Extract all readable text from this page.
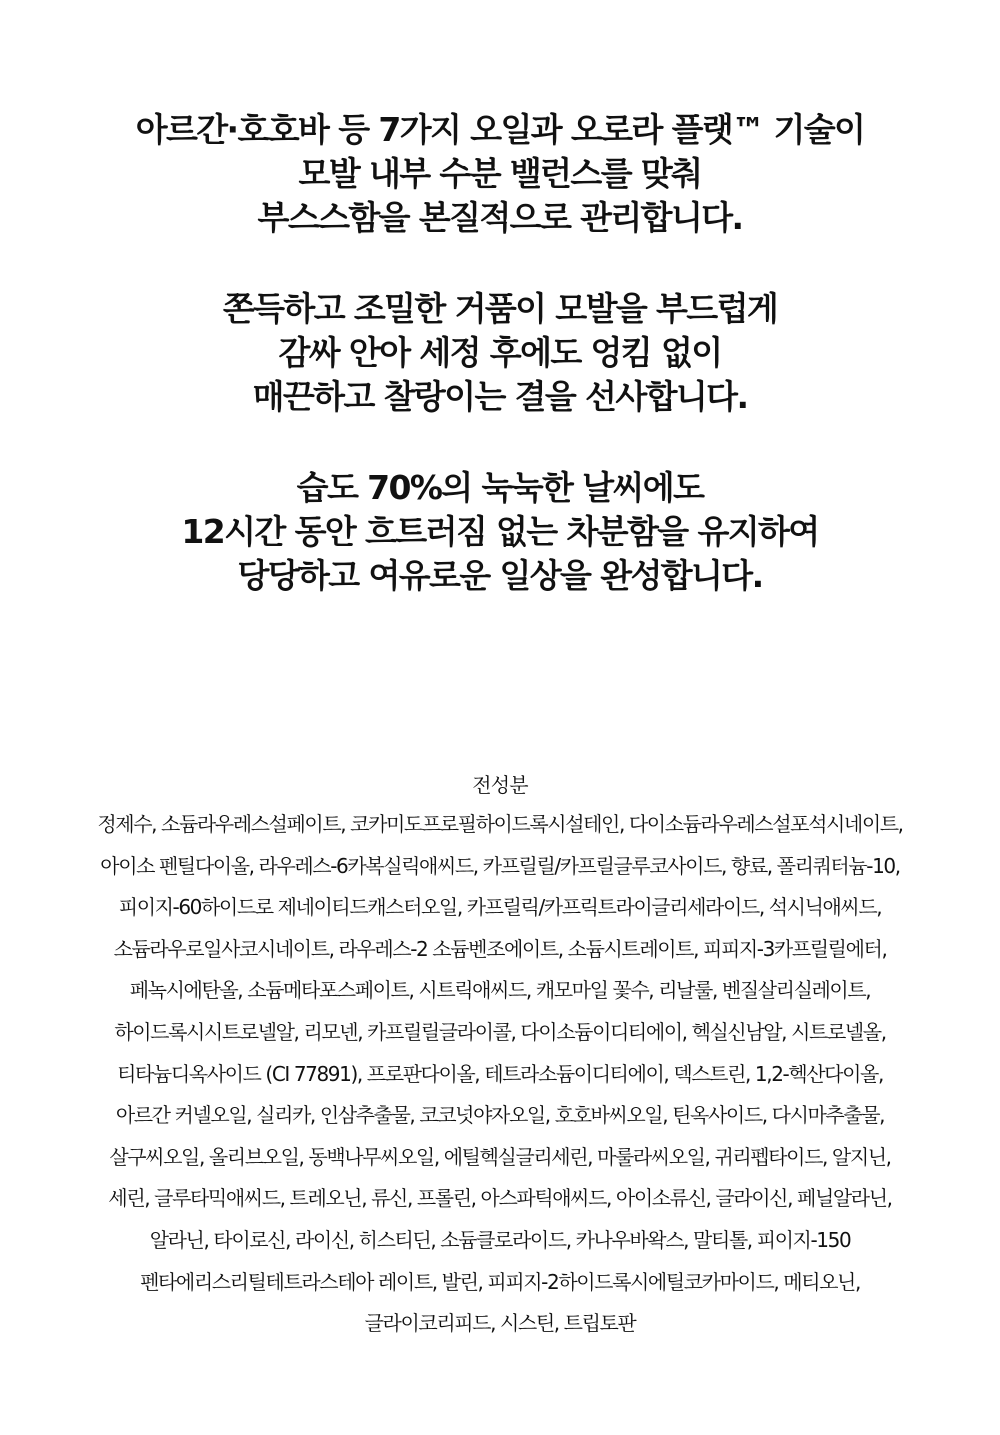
아르간·호호바 등 7가지 오일과 오로라 플랫™ 기술이
모발 내부 수분 밸런스를 맞춰
부스스함을 본질적으로 관리합니다.
쫀득하고 조밀한 거품이 모발을 부드럽게
감싸 안아 세정 후에도 엉킴 없이
매끈하고 찰랑이는 결을 선사합니다.
습도 70%의 눅눅한 날씨에도
12시간 동안 흐트러짐 없는 차분함을 유지하여
당당하고 여유로운 일상을 완성합니다.
전성분
정제수, 소듐라우레스설페이트, 코카미도프로필하이드록시설테인, 다이소듐라우레스설포석시네이트,
아이소 펜틸다이올, 라우레스-6카복실릭애씨드, 카프릴릴/카프릴글루코사이드, 향료, 폴리쿼터늄-10,
피이지-60하이드로 제네이티드캐스터오일, 카프릴릭/카프릭트라이글리세라이드, 석시닉애씨드,
소듐라우로일사코시네이트, 라우레스-2 소듐벤조에이트, 소듐시트레이트, 피피지-3카프릴릴에터,
페녹시에탄올, 소듐메타포스페이트, 시트릭애씨드, 캐모마일 꽃수, 리날룰, 벤질살리실레이트,
하이드록시시트로넬알, 리모넨, 카프릴릴글라이콜, 다이소듐이디티에이, 헥실신남알, 시트로넬올,
티타늄디옥사이드 (CI 77891), 프로판다이올, 테트라소듐이디티에이, 덱스트린, 1,2-헥산다이올,
아르간 커넬오일, 실리카, 인삼추출물, 코코넛야자오일, 호호바씨오일, 틴옥사이드, 다시마추출물,
살구씨오일, 올리브오일, 동백나무씨오일, 에틸헥실글리세린, 마룰라씨오일, 귀리펩타이드, 알지닌,
세린, 글루타믹애씨드, 트레오닌, 류신, 프롤린, 아스파틱애씨드, 아이소류신, 글라이신, 페닐알라닌,
알라닌, 타이로신, 라이신, 히스티딘, 소듐클로라이드, 카나우바왁스, 말티톨, 피이지-150
펜타에리스리틸테트라스테아 레이트, 발린, 피피지-2하이드록시에틸코카마이드, 메티오닌,
글라이코리피드, 시스틴, 트립토판
